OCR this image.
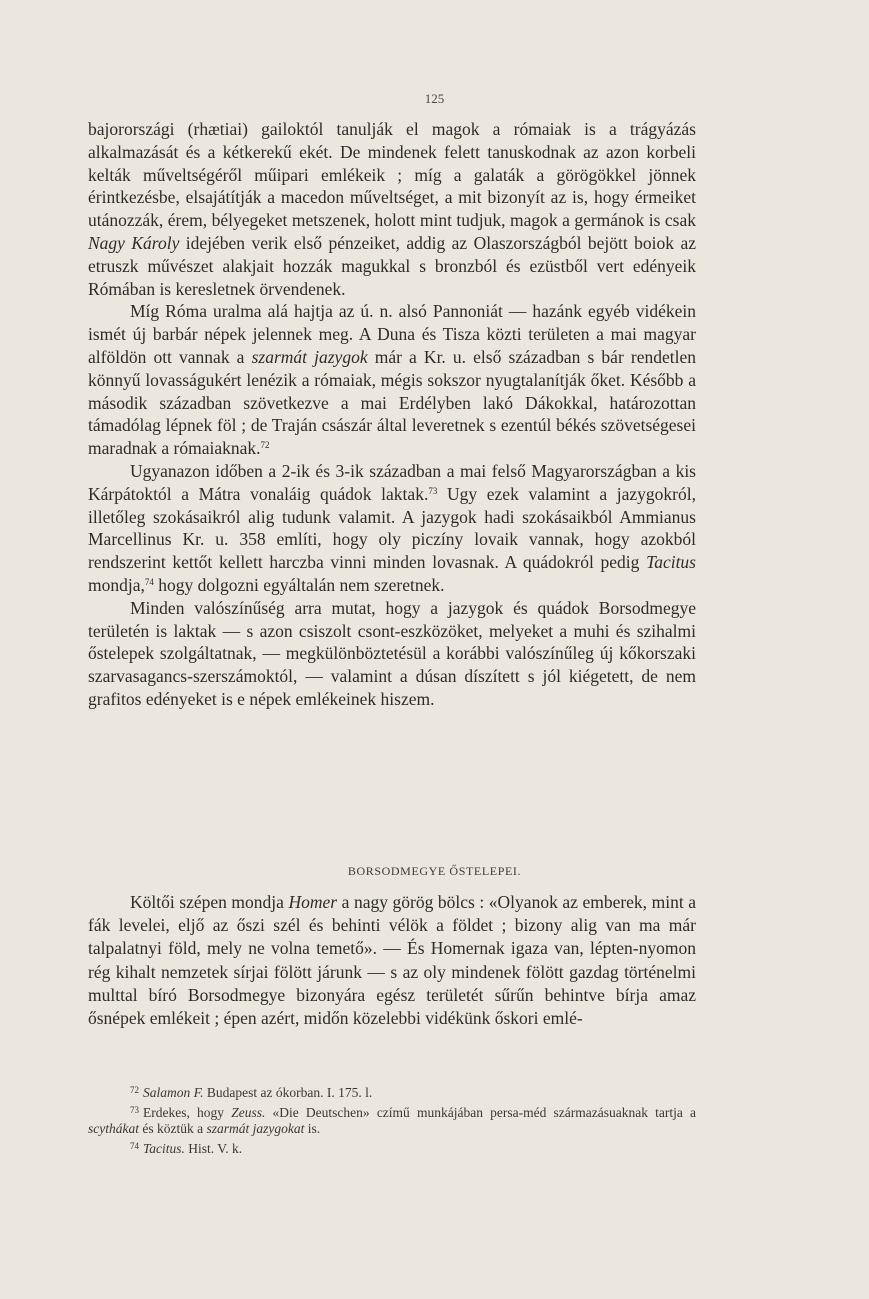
125

bajorországi (rhætiai) gailoktól tanulják el magok a rómaiak is a trágyázás alkalmazását és a kétkerekű ekét. De mindenek felett tanuskodnak az azon korbeli kelták műveltségéről műipari emlékeik ; míg a galaták a görögökkel jönnek érintkezésbe, elsajátítják a macedon műveltséget, a mit bizonyít az is, hogy érmeiket utánozzák, érem, bélyegeket metszenek, holott mint tudjuk, magok a germánok is csak Nagy Károly idejében verik első pénzeiket, addig az Olaszországból bejött boiok az etruszk művészet alakjait hozzák magukkal s bronzból és ezüstből vert edényeik Rómában is keresletnek örvendenek.

Míg Róma uralma alá hajtja az ú. n. alsó Pannoniát — hazánk egyéb vidékein ismét új barbár népek jelennek meg. A Duna és Tisza közti területen a mai magyar alföldön ott vannak a szarmát jazygok már a Kr. u. első században s bár rendetlen könnyű lovasságukért lenézik a rómaiak, mégis sokszor nyugtalanítják őket. Később a második században szövetkezve a mai Erdélyben lakó Dákokkal, határozottan támadólag lépnek föl ; de Traján császár által leveretnek s ezentúl békés szövetségesei maradnak a rómaiaknak.$^{72}$

Ugyanazon időben a 2-ik és 3-ik században a mai felső Magyarországban a kis Kárpátoktól a Mátra vonaláig quádok laktak.$^{73}$ Ugy ezek valamint a jazygokról, illetőleg szokásaikról alig tudunk valamit. A jazygok hadi szokásaikból Ammianus Marcellinus Kr. u. 358 említi, hogy oly piczíny lovaik vannak, hogy azokból rendszerint kettőt kellett harczba vinni minden lovasnak. A quádokról pedig Tacitus mondja,$^{74}$ hogy dolgozni egyáltalán nem szeretnek.

Minden valószínűség arra mutat, hogy a jazygok és quádok Borsodmegye területén is laktak — s azon csiszolt csont-eszközöket, melyeket a muhi és szihalmi őstelepek szolgáltatnak, — megkülönböztetésül a korábbi valószínűleg új kőkorszaki szarvasagancs-szerszámoktól, — valamint a dúsan díszített s jól kiégetett, de nem grafitos edényeket is e népek emlékeinek hiszem.

BORSODMEGYE ŐSTELEPEI.

Költői szépen mondja Homer a nagy görög bölcs : «Olyanok az emberek, mint a fák levelei, eljő az őszi szél és behinti vélök a földet ; bizony alig van ma már talpalatnyi föld, mely ne volna temető». — És Homernak igaza van, lépten-nyomon rég kihalt nemzetek sírjai fölött járunk — s az oly mindenek fölött gazdag történelmi multtal bíró Borsodmegye bizonyára egész területét sűrűn behintve bírja amaz ősnépek emlékeit ; épen azért, midőn közelebbi vidékünk őskori emlé-

$^{72}$ Salamon F. Budapest az ókorban. I. 175. l.

$^{73}$ Erdekes, hogy Zeuss. «Die Deutschen» czímű munkájában persa-méd származásuaknak tartja a scythákat és köztük a szarmát jazygokat is.

$^{74}$ Tacitus. Hist. V. k.
